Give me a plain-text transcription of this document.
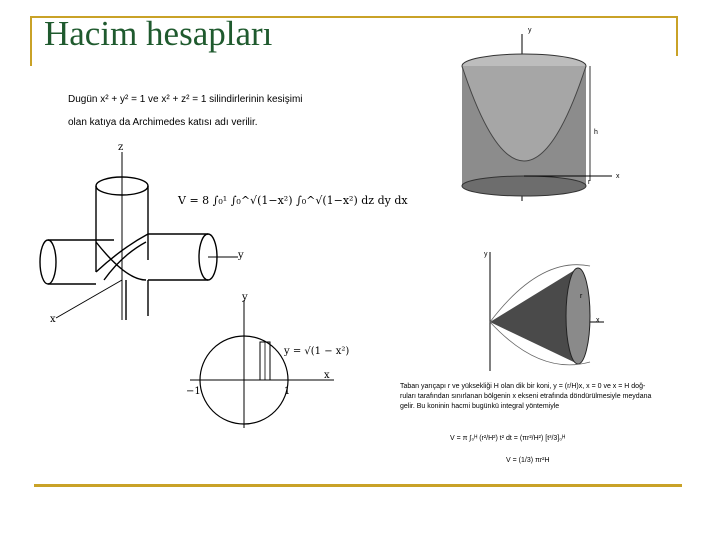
Hacim hesapları
Dugün x² + y² = 1 ve x² + z² = 1 silindirlerinin kesişimi
olan katıya da Archimedes katısı adı verilir.
z
y
x
V = 8 ∫₀¹ ∫₀^√(1−x²) ∫₀^√(1−x²) dz dy dx
y
x
y = √(1 − x²)
−1	1
y
x
h
r
y
x
r
Taban yarıçapı r ve yüksekliği H olan dik bir koni, y = (r/H)x, x = 0 ve x = H doğ-
ruları tarafından sınırlanan bölgenin x ekseni etrafında döndürülmesiyle meydana
gelir. Bu koninin hacmi bugünkü integral yöntemiyle
V = π ∫₀ᴴ (r²/H²) t² dt = (πr²/H²) [t³/3]₀ᴴ
V = (1/3) πr²H
